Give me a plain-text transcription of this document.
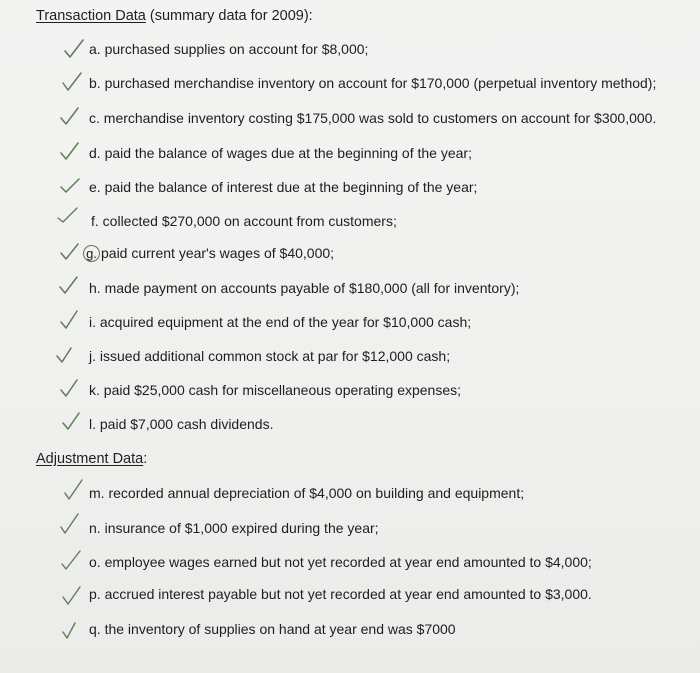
Transaction Data (summary data for 2009):
a. purchased supplies on account for $8,000;
b. purchased merchandise inventory on account for $170,000 (perpetual inventory method);
c. merchandise inventory costing $175,000 was sold to customers on account for $300,000.
d. paid the balance of wages due at the beginning of the year;
e. paid the balance of interest due at the beginning of the year;
f. collected $270,000 on account from customers;
g. paid current year's wages of $40,000;
h. made payment on accounts payable of $180,000 (all for inventory);
i. acquired equipment at the end of the year for $10,000 cash;
j. issued additional common stock at par for $12,000 cash;
k. paid $25,000 cash for miscellaneous operating expenses;
l. paid $7,000 cash dividends.
Adjustment Data:
m. recorded annual depreciation of $4,000 on building and equipment;
n. insurance of $1,000 expired during the year;
o. employee wages earned but not yet recorded at year end amounted to $4,000;
p. accrued interest payable but not yet recorded at year end amounted to $3,000.
q. the inventory of supplies on hand at year end was $7000
